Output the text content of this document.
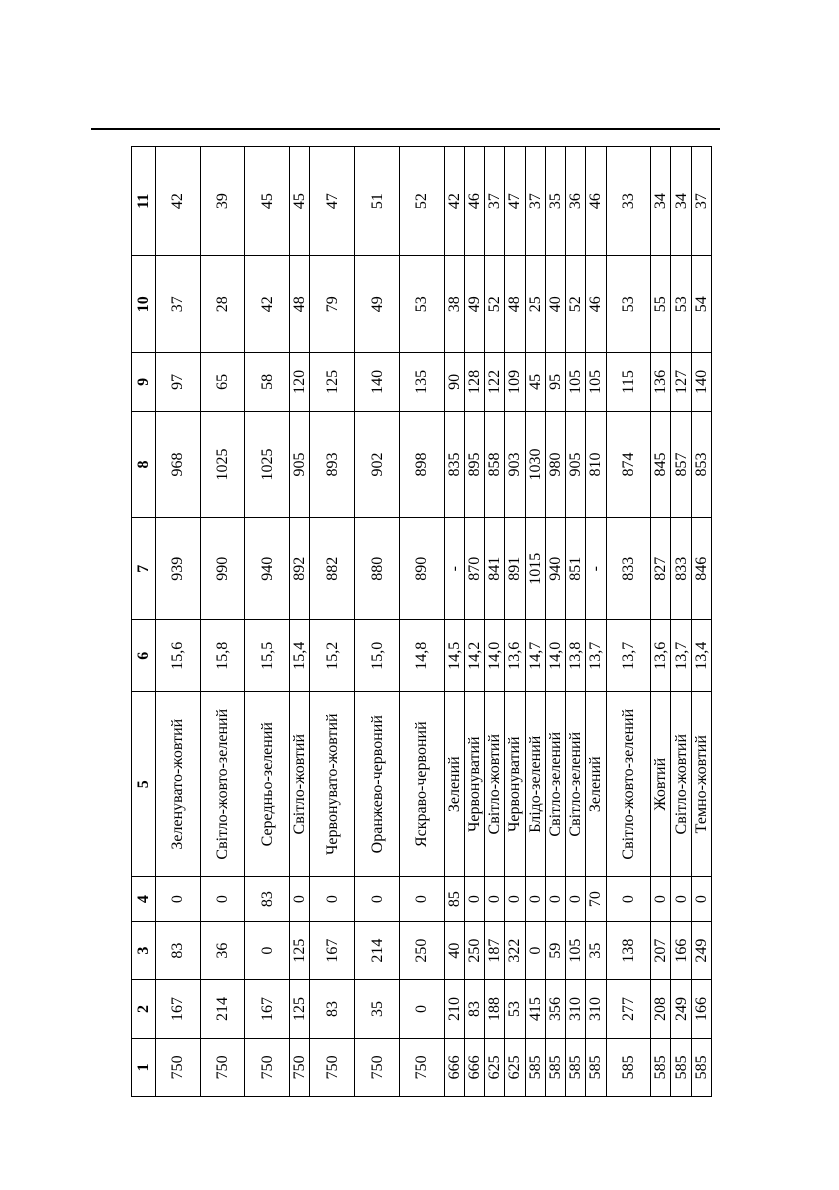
1	2	3	4	5	6	7	8	9	10	11
750	167	83	0	Зеленувато-жовтий	15,6	939	968	97	37	42
750	214	36	0	Світло-жовто-зелений	15,8	990	1025	65	28	39
750	167	0	83	Середньо-зелений	15,5	940	1025	58	42	45
750	125	125	0	Світло-жовтий	15,4	892	905	120	48	45
750	83	167	0	Червонувато-жовтий	15,2	882	893	125	79	47
750	35	214	0	Оранжево-червоний	15,0	880	902	140	49	51
750	0	250	0	Яскраво-червоний	14,8	890	898	135	53	52
666	210	40	85	Зелений	14,5	-	835	90	38	42
666	83	250	0	Червонуватий	14,2	870	895	128	49	46
625	188	187	0	Світло-жовтий	14,0	841	858	122	52	37
625	53	322	0	Червонуватий	13,6	891	903	109	48	47
585	415	0	0	Блідо-зелений	14,7	1015	1030	45	25	37
585	356	59	0	Світло-зелений	14,0	940	980	95	40	35
585	310	105	0	Світло-зелений	13,8	851	905	105	52	36
585	310	35	70	Зелений	13,7	-	810	105	46	46
585	277	138	0	Світло-жовто-зелений	13,7	833	874	115	53	33
585	208	207	0	Жовтий	13,6	827	845	136	55	34
585	249	166	0	Світло-жовтий	13,7	833	857	127	53	34
585	166	249	0	Темно-жовтий	13,4	846	853	140	54	37
